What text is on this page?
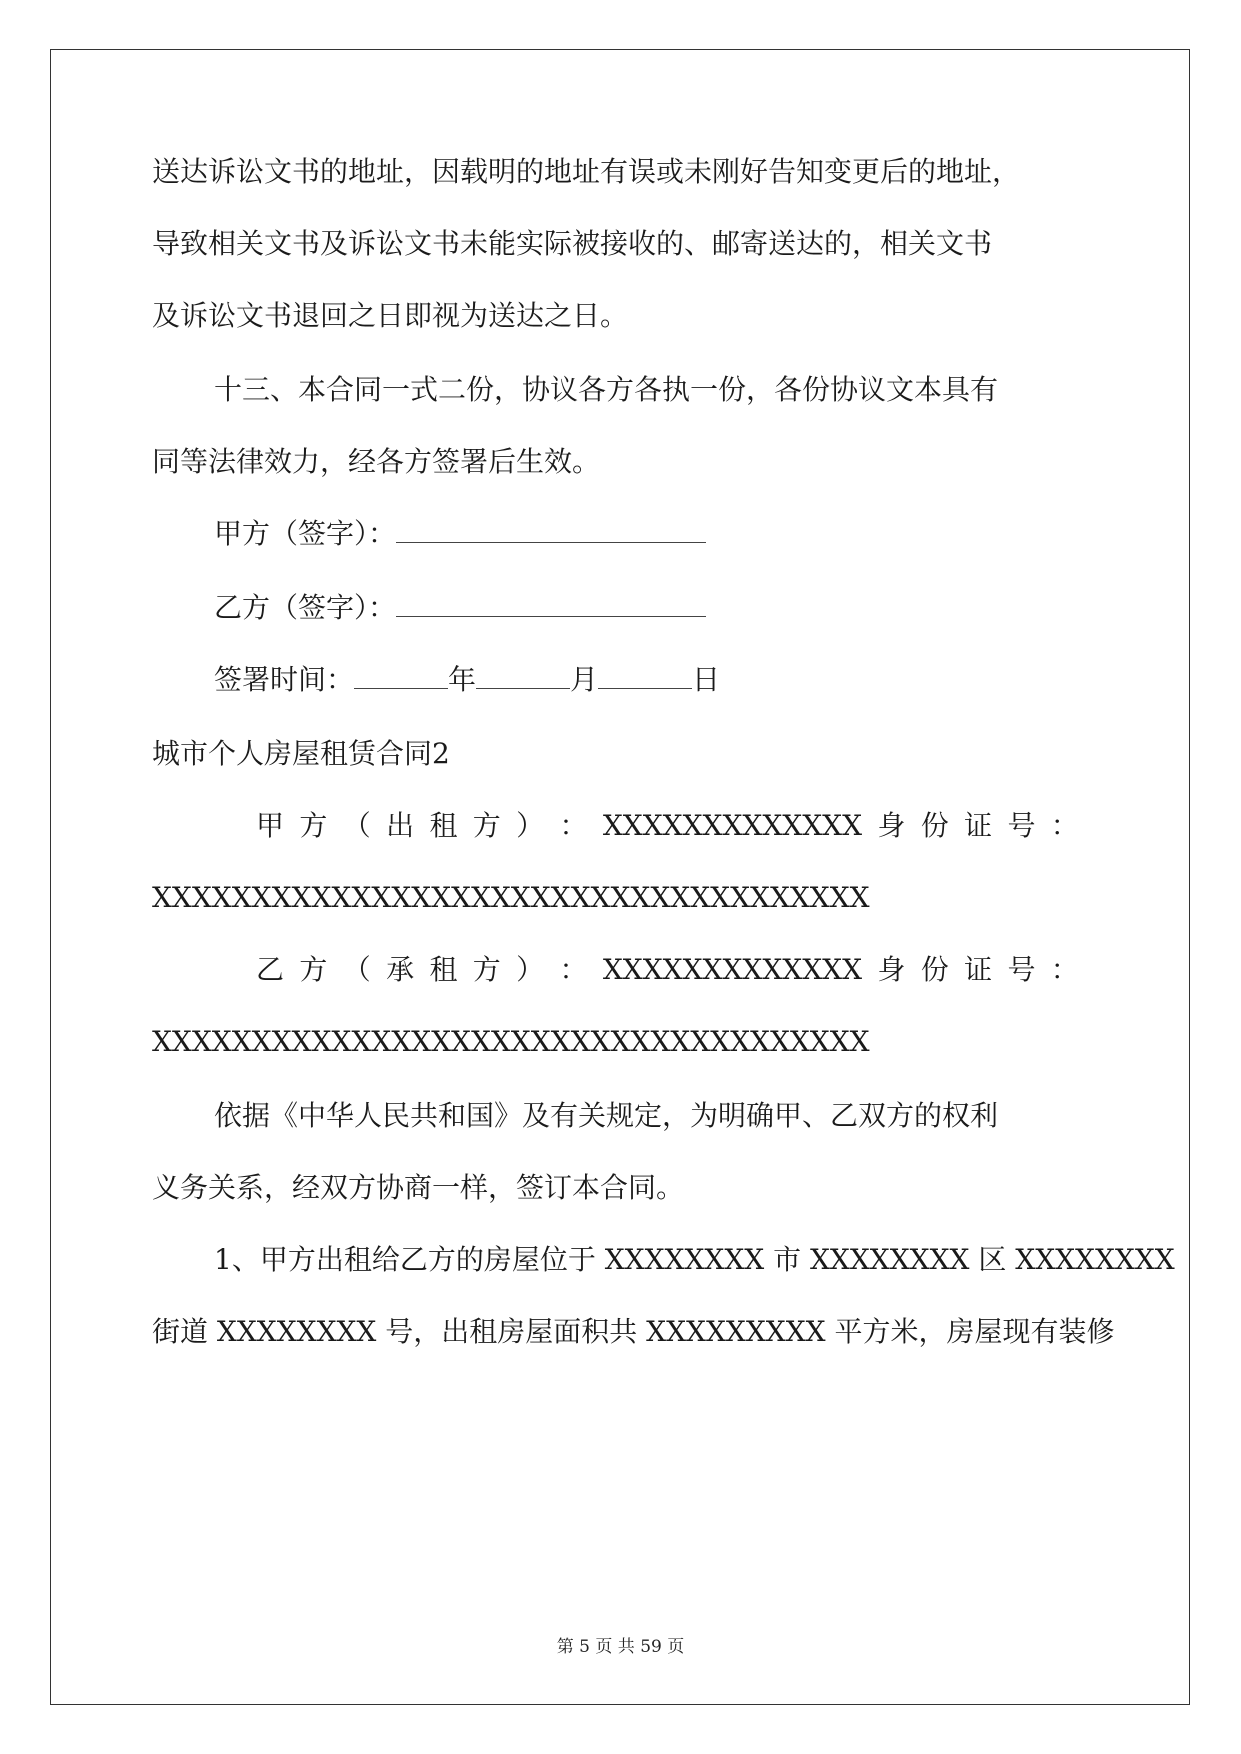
送达诉讼文书的地址，因载明的地址有误或未刚好告知变更后的地址，

导致相关文书及诉讼文书未能实际被接收的、邮寄送达的，相关文书

及诉讼文书退回之日即视为送达之日。

十三、本合同一式二份，协议各方各执一份，各份协议文本具有

同等法律效力，经各方签署后生效。

甲方（签字）：

乙方（签字）：

签署时间：	年	月	日

城市个人房屋租赁合同2

甲 方 （ 出 租 方 ） ： XXXXXXXXXXXXX 身 份 证 号 ：

XXXXXXXXXXXXXXXXXXXXXXXXXXXXXXXXXXXX

乙 方 （ 承 租 方 ） ： XXXXXXXXXXXXX 身 份 证 号 ：

XXXXXXXXXXXXXXXXXXXXXXXXXXXXXXXXXXXX

依据《中华人民共和国》及有关规定，为明确甲、乙双方的权利

义务关系，经双方协商一样，签订本合同。

1、甲方出租给乙方的房屋位于 XXXXXXXX 市 XXXXXXXX 区 XXXXXXXX

街道 XXXXXXXX 号，出租房屋面积共 XXXXXXXXX 平方米，房屋现有装修

第 5 页 共 59 页
